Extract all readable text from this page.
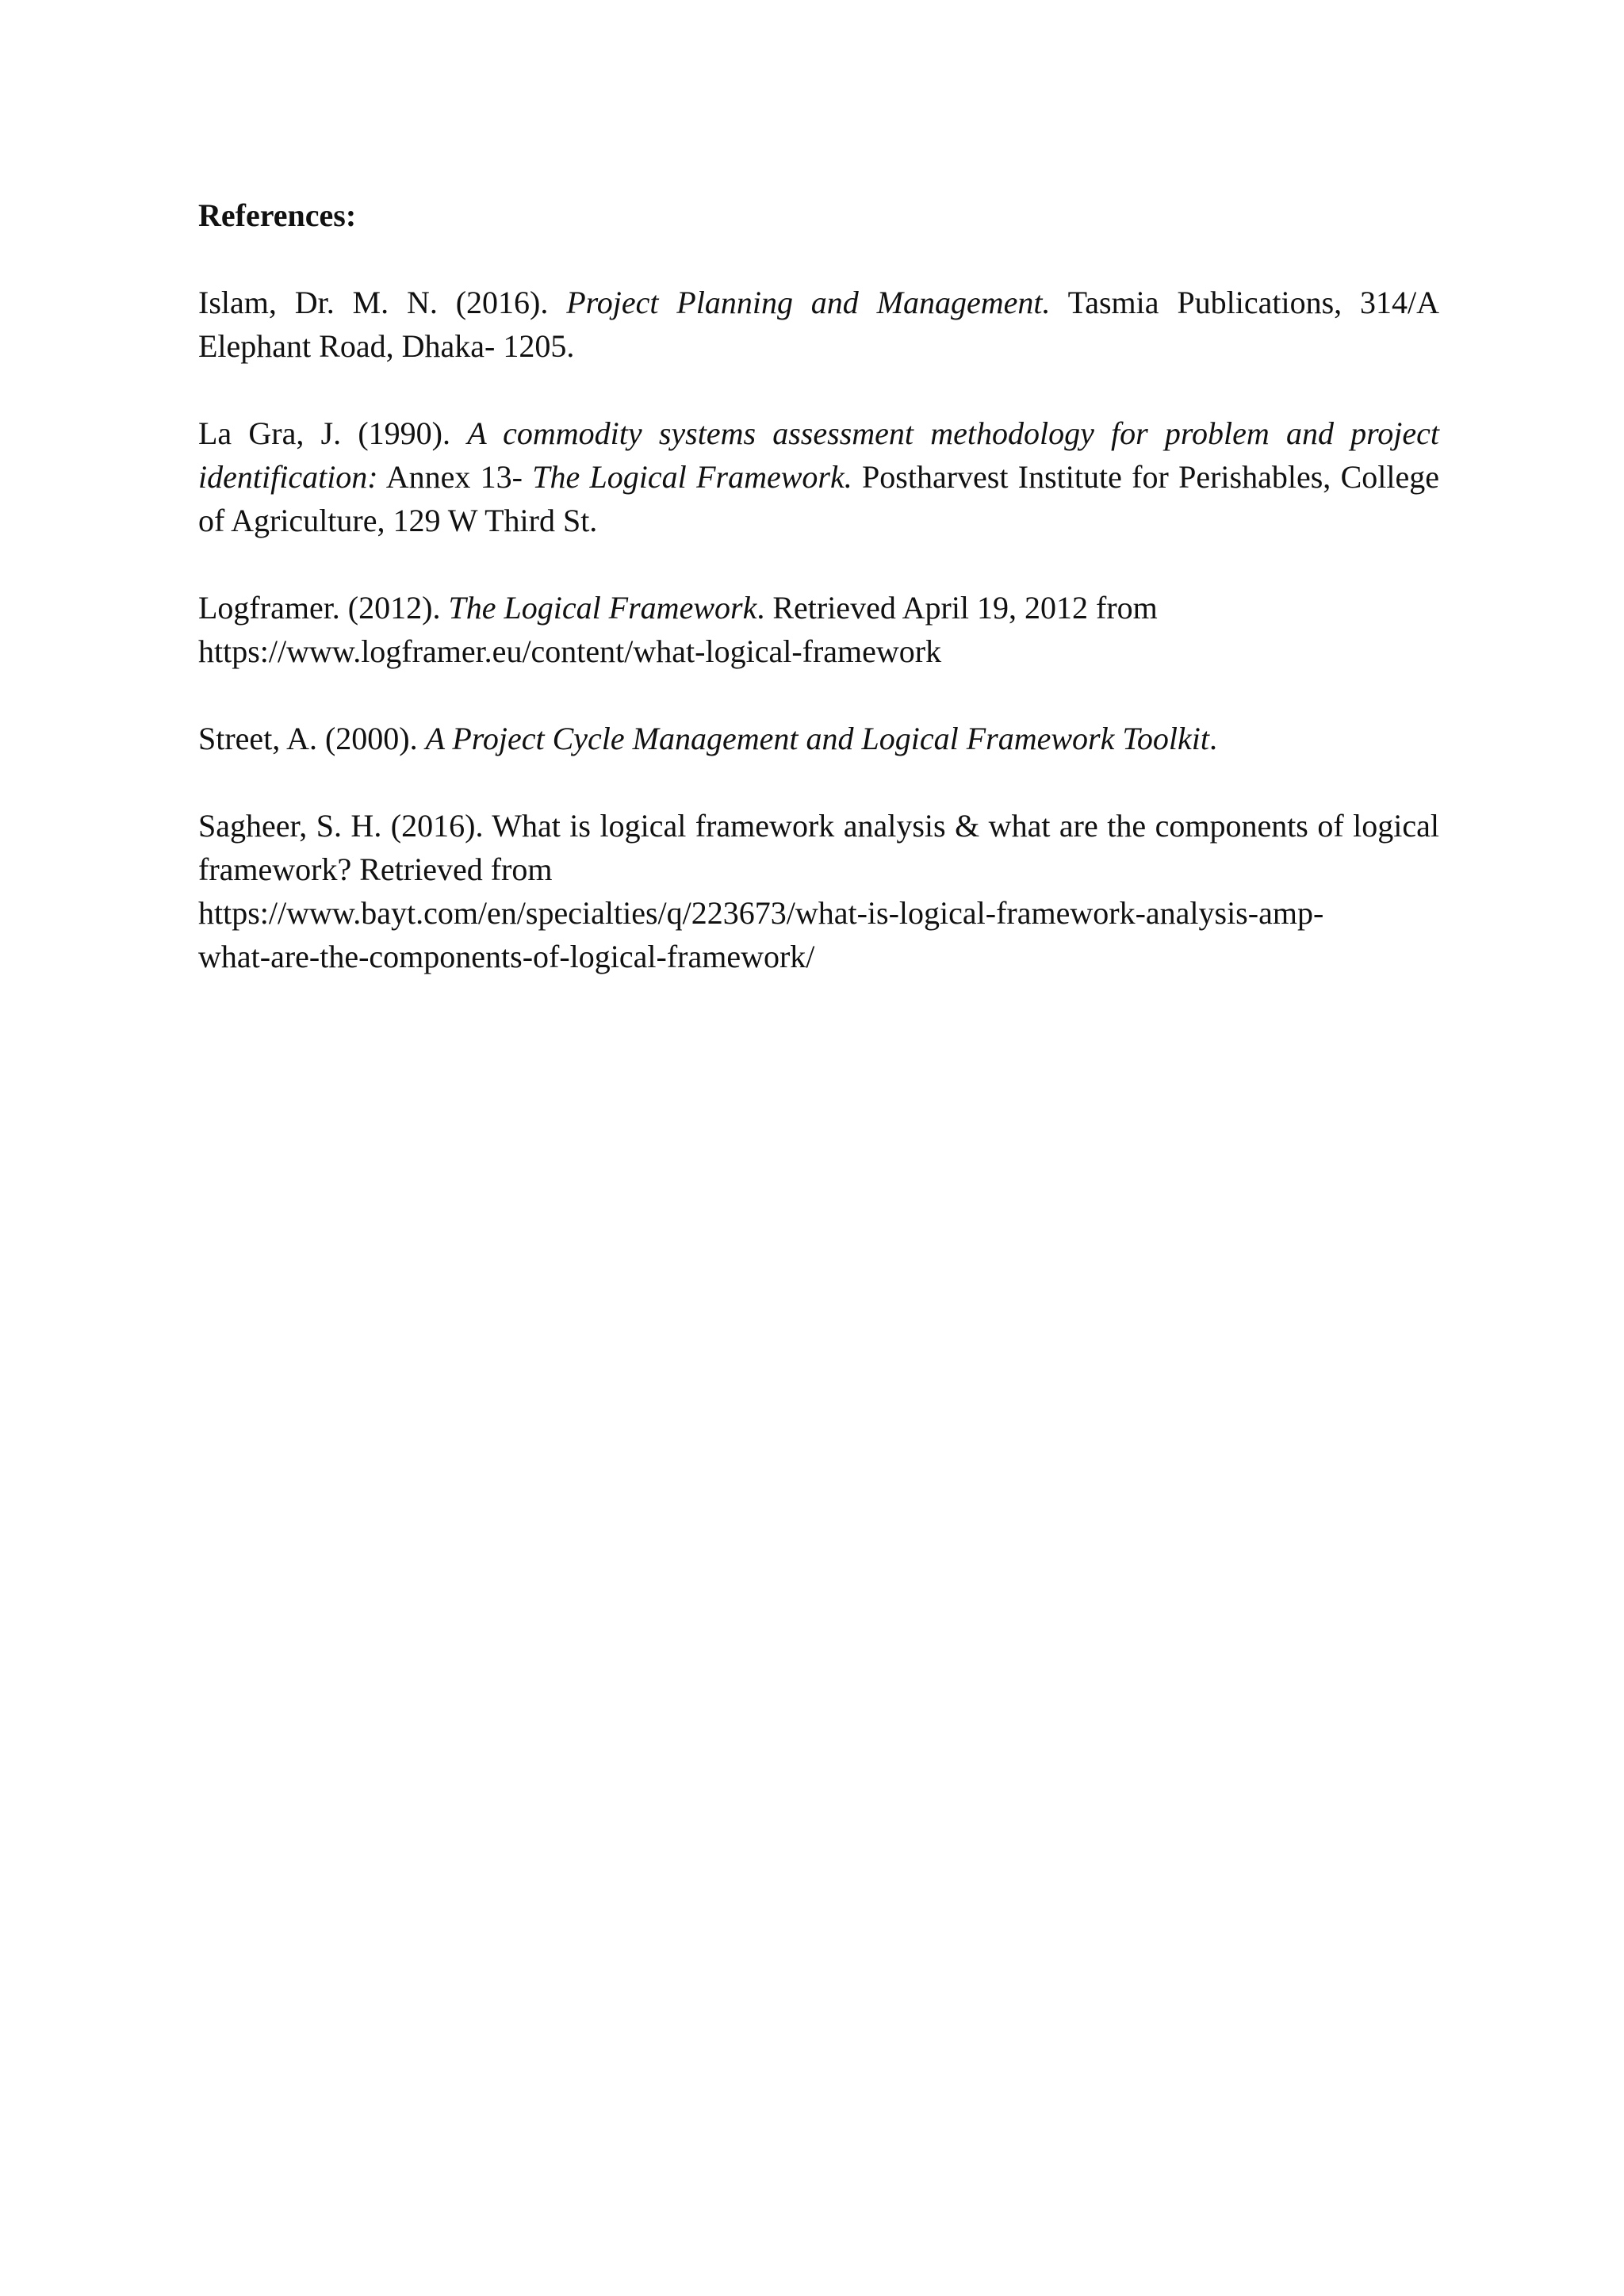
References:

Islam, Dr. M. N. (2016). Project Planning and Management. Tasmia Publications, 314/A Elephant Road, Dhaka- 1205.

La Gra, J. (1990). A commodity systems assessment methodology for problem and project identification: Annex 13- The Logical Framework. Postharvest Institute for Perishables, College of Agriculture, 129 W Third St.

Logframer. (2012). The Logical Framework. Retrieved April 19, 2012 from
https://www.logframer.eu/content/what-logical-framework

Street, A. (2000). A Project Cycle Management and Logical Framework Toolkit.

Sagheer, S. H. (2016). What is logical framework analysis & what are the components of logical framework? Retrieved from
https://www.bayt.com/en/specialties/q/223673/what-is-logical-framework-analysis-amp-
what-are-the-components-of-logical-framework/
